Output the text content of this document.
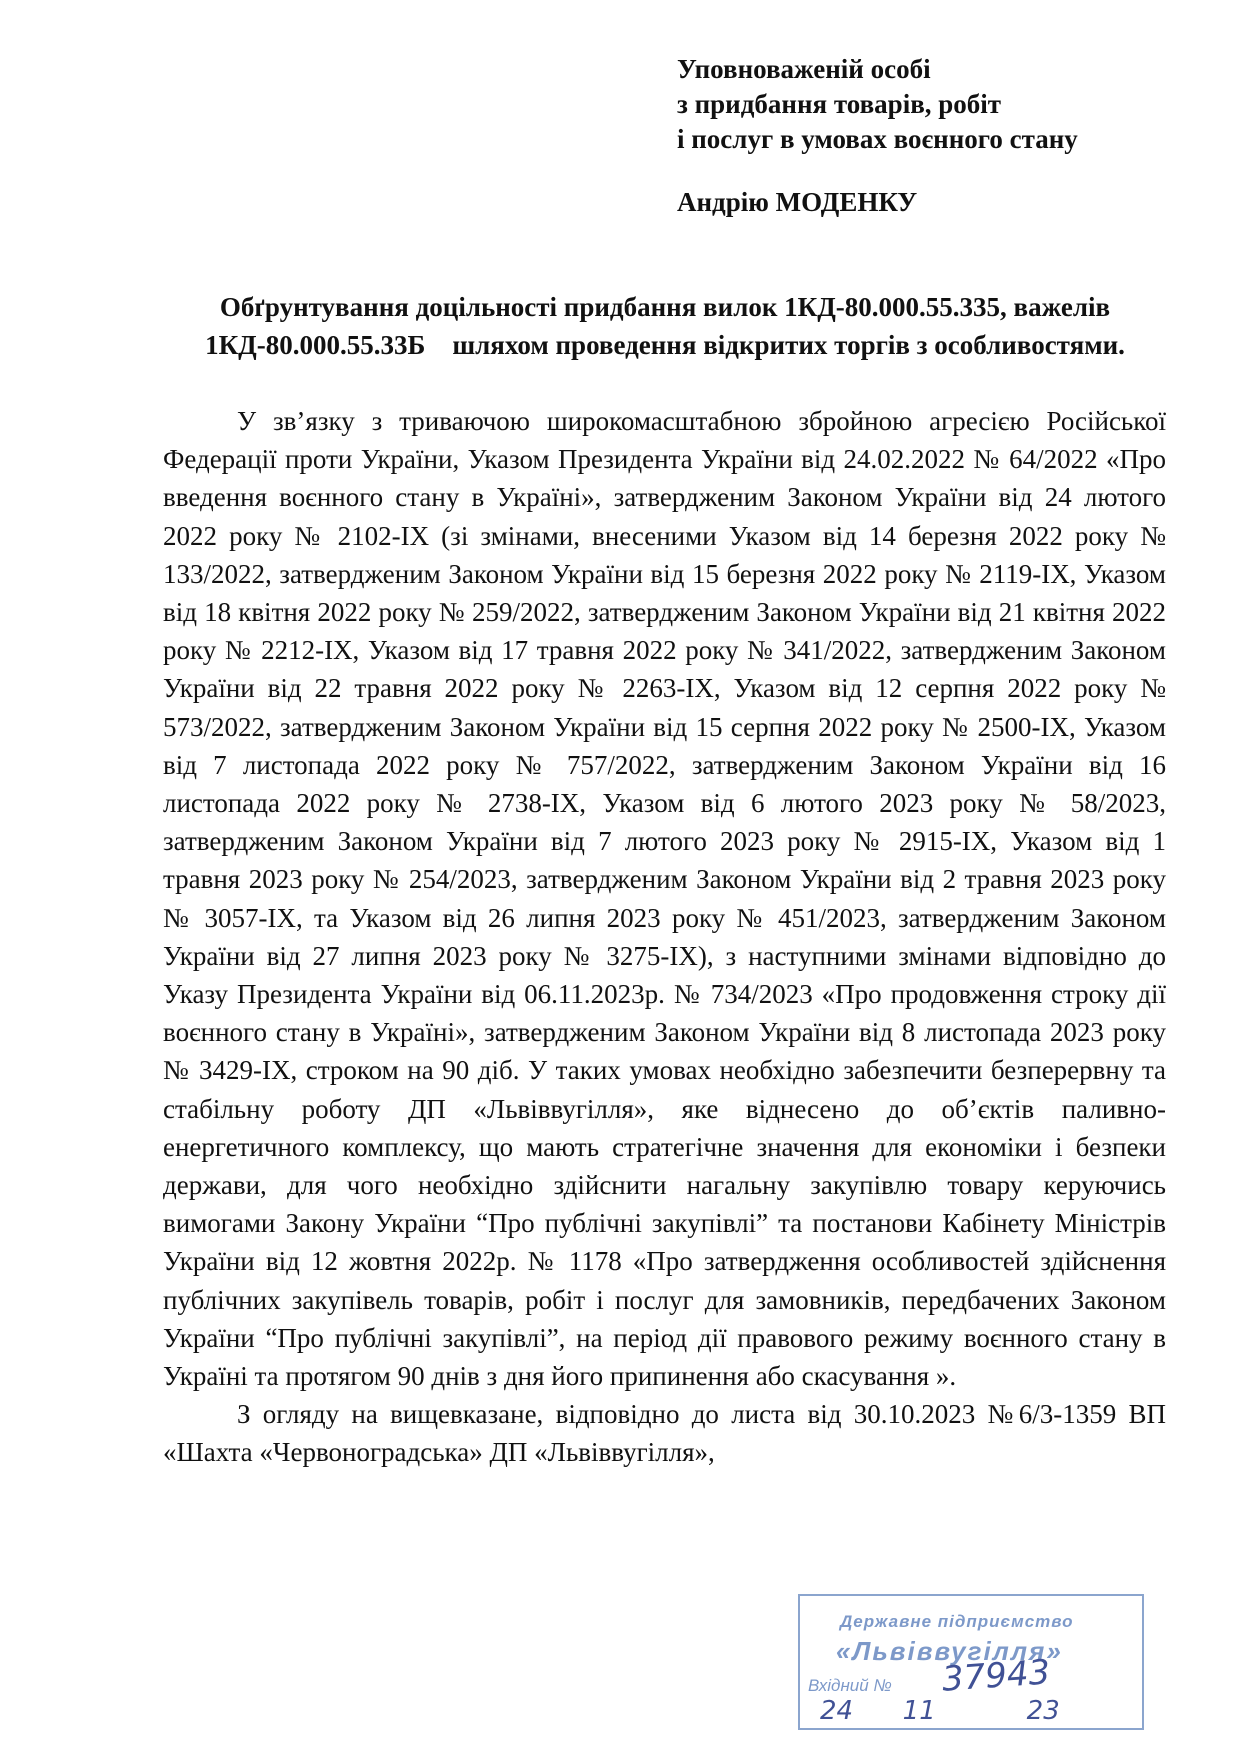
Уповноваженій особі
з придбання товарів, робіт
і послуг в умовах воєнного стану
Андрію МОДЕНКУ
Обґрунтування доцільності придбання вилок 1КД-80.000.55.335, важелів
1КД-80.000.55.33Б    шляхом проведення відкритих торгів з особливостями.

У зв’язку з триваючою широкомасштабною збройною агресією Російської Федерації проти України, Указом Президента України від 24.02.2022 № 64/2022 «Про введення воєнного стану в Україні», затвердженим Законом України від 24 лютого 2022 року № 2102-IX (зі змінами, внесеними Указом від 14 березня 2022 року № 133/2022, затвердженим Законом України від 15 березня 2022 року № 2119-IX, Указом від 18 квітня 2022 року № 259/2022, затвердженим Законом України від 21 квітня 2022 року № 2212-IX, Указом від 17 травня 2022 року № 341/2022, затвердженим Законом України від 22 травня 2022 року № 2263-IX, Указом від 12 серпня 2022 року № 573/2022, затвердженим Законом України від 15 серпня 2022 року № 2500-IX, Указом від 7 листопада 2022 року № 757/2022, затвердженим Законом України від 16 листопада 2022 року № 2738-IX, Указом від 6 лютого 2023 року № 58/2023, затвердженим Законом України від 7 лютого 2023 року № 2915-IX, Указом від 1 травня 2023 року № 254/2023, затвердженим Законом України від 2 травня 2023 року № 3057-IX, та Указом від 26 липня 2023 року № 451/2023, затвердженим Законом України від 27 липня 2023 року № 3275-IX), з наступними змінами відповідно до Указу Президента України від 06.11.2023р. № 734/2023 «Про продовження строку дії воєнного стану в Україні», затвердженим Законом України від 8 листопада 2023 року № 3429-IX, строком на 90 діб. У таких умовах необхідно забезпечити безперервну та стабільну роботу ДП «Львіввугілля», яке віднесено до об’єктів паливно-енергетичного комплексу, що мають стратегічне значення для економіки і безпеки держави, для чого необхідно здійснити нагальну закупівлю товару керуючись вимогами Закону України “Про публічні закупівлі” та постанови Кабінету Міністрів України від 12 жовтня 2022р. № 1178 «Про затвердження особливостей здійснення публічних закупівель товарів, робіт і послуг для замовників, передбачених Законом України “Про публічні закупівлі”, на період дії правового режиму воєнного стану в Україні та протягом 90 днів з дня його припинення або скасування ».

З огляду на вищевказане, відповідно до листа від 30.10.2023 №6/3-1359 ВП «Шахта «Червоноградська» ДП «Львіввугілля»,

Державне підприємство
«Львіввугілля»
Вхідний № 37943
24      11           23
